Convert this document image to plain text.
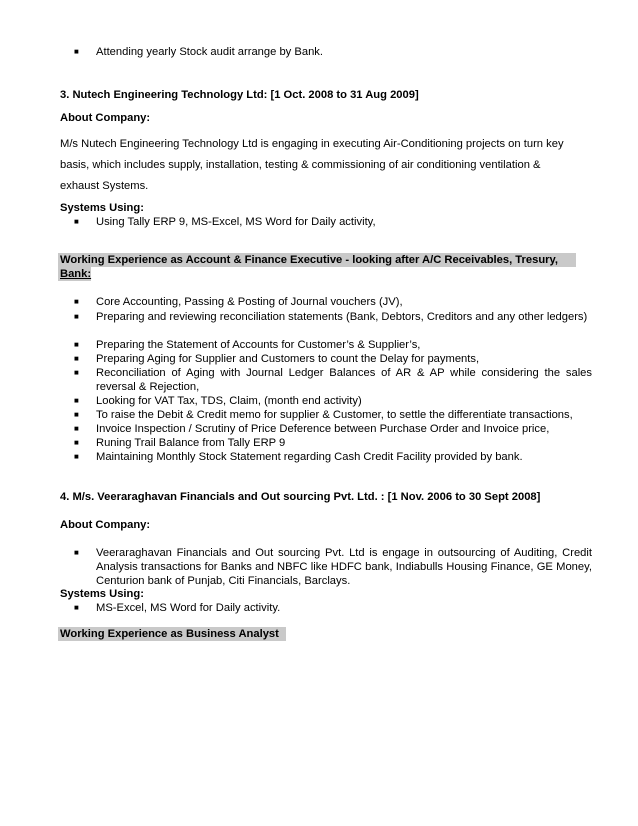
■	Attending yearly Stock audit arrange by Bank.
3. Nutech Engineering Technology Ltd: [1 Oct. 2008 to 31 Aug 2009]
About Company:
M/s Nutech Engineering Technology Ltd is engaging in executing Air-Conditioning projects on turn key
basis, which includes supply, installation, testing & commissioning of air conditioning ventilation &
exhaust Systems.
Systems Using:
■	Using Tally ERP 9, MS-Excel, MS Word for Daily activity,
Working Experience as Account & Finance Executive - looking after A/C Receivables, Tresury,
Bank:
■	Core Accounting, Passing & Posting of Journal vouchers (JV),
■	Preparing and reviewing reconciliation statements (Bank, Debtors, Creditors and any other ledgers)
■	Preparing the Statement of Accounts for Customer’s & Supplier’s,
■	Preparing Aging for Supplier and Customers to count the Delay for payments,
■	Reconciliation of Aging with Journal Ledger Balances of AR & AP while considering the sales reversal & Rejection,
■	Looking for VAT Tax, TDS, Claim, (month end activity)
■	To raise the Debit & Credit memo for supplier & Customer, to settle the differentiate transactions,
■	Invoice Inspection / Scrutiny of Price Deference between Purchase Order and Invoice price,
■	Runing Trail Balance from Tally ERP 9
■	Maintaining Monthly Stock Statement regarding Cash Credit Facility provided by bank.
4. M/s. Veeraraghavan Financials and Out sourcing Pvt. Ltd. : [1 Nov. 2006 to 30 Sept 2008]
About Company:
■	Veeraraghavan Financials and Out sourcing Pvt. Ltd is engage in outsourcing of Auditing, Credit Analysis transactions for Banks and NBFC like HDFC bank, Indiabulls Housing Finance, GE Money, Centurion bank of Punjab, Citi Financials, Barclays.
Systems Using:
■	MS-Excel, MS Word for Daily activity.
Working Experience as Business Analyst
